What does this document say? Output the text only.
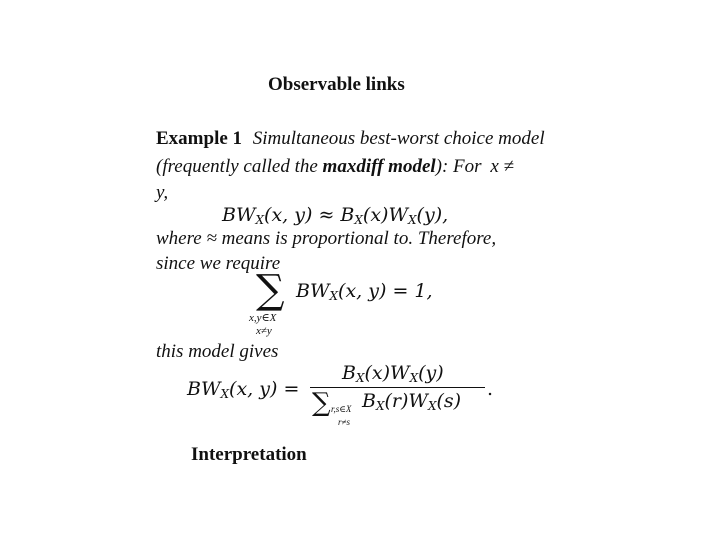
Observable links
Example 1 Simultaneous best-worst choice model
(frequently called the maxdiff model): For x ≠
y,
$BW_X(x$, $y) \approx B_X(x)W_X(y)$,
where ≈ means is proportional to. Therefore,
since we require
∑
x,y∈X
x≠y
$BW_X(x$, y) = 1,
this model gives
$BW_X(x$, y) =
$B_X(x)W_X(y)$
∑ r,s∈X
r≠s
$B_X(r)W_X(s)$
.
Interpretation
